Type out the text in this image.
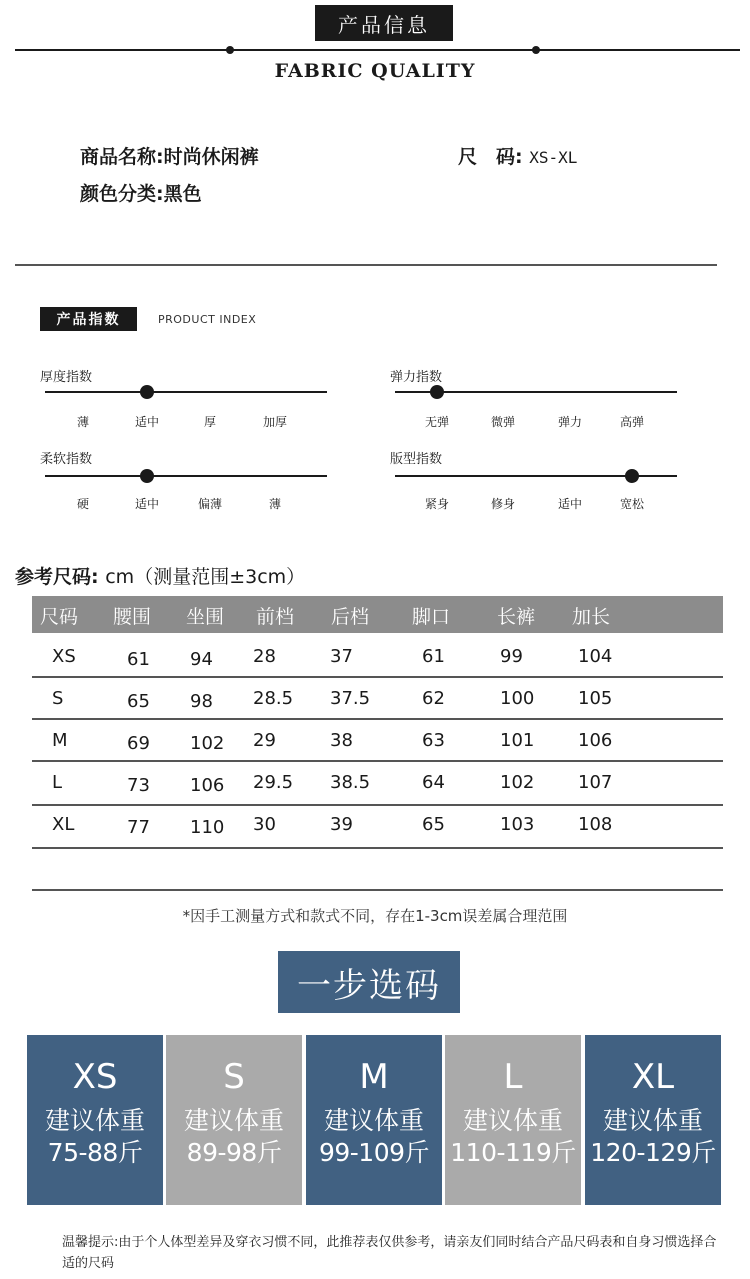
产品信息
FABRIC QUALITY
商品名称:时尚休闲裤	尺　码: XS-XL
颜色分类:黑色
产品指数	PRODUCT INDEX
厚度指数
薄	适中	厚	加厚
弹力指数
无弹	微弹	弹力	高弹
柔软指数
硬	适中	偏薄	薄
版型指数
紧身	修身	适中	宽松
参考尺码: cm（测量范围±3cm）
尺码 腰围 坐围 前档 后档 脚口 长裤 加长
XS	61 94 28	37	61	99	104
S	65 98 28.5 37.5	62	100 105
M	69 102 29	38	63	101 106
L	73 106 29.5 38.5	64	102 107
XL	77 110 30	39	65	103 108
*因手工测量方式和款式不同，存在1-3cm误差属合理范围
一步选码
XS
建议体重
75-88斤
S
建议体重
89-98斤
M
建议体重
99-109斤
L
建议体重
110-119斤
XL
建议体重
120-129斤
温馨提示:由于个人体型差异及穿衣习惯不同，此推荐表仅供参考，请亲友们同时结合产品尺码表和自身习惯选择合适的尺码
